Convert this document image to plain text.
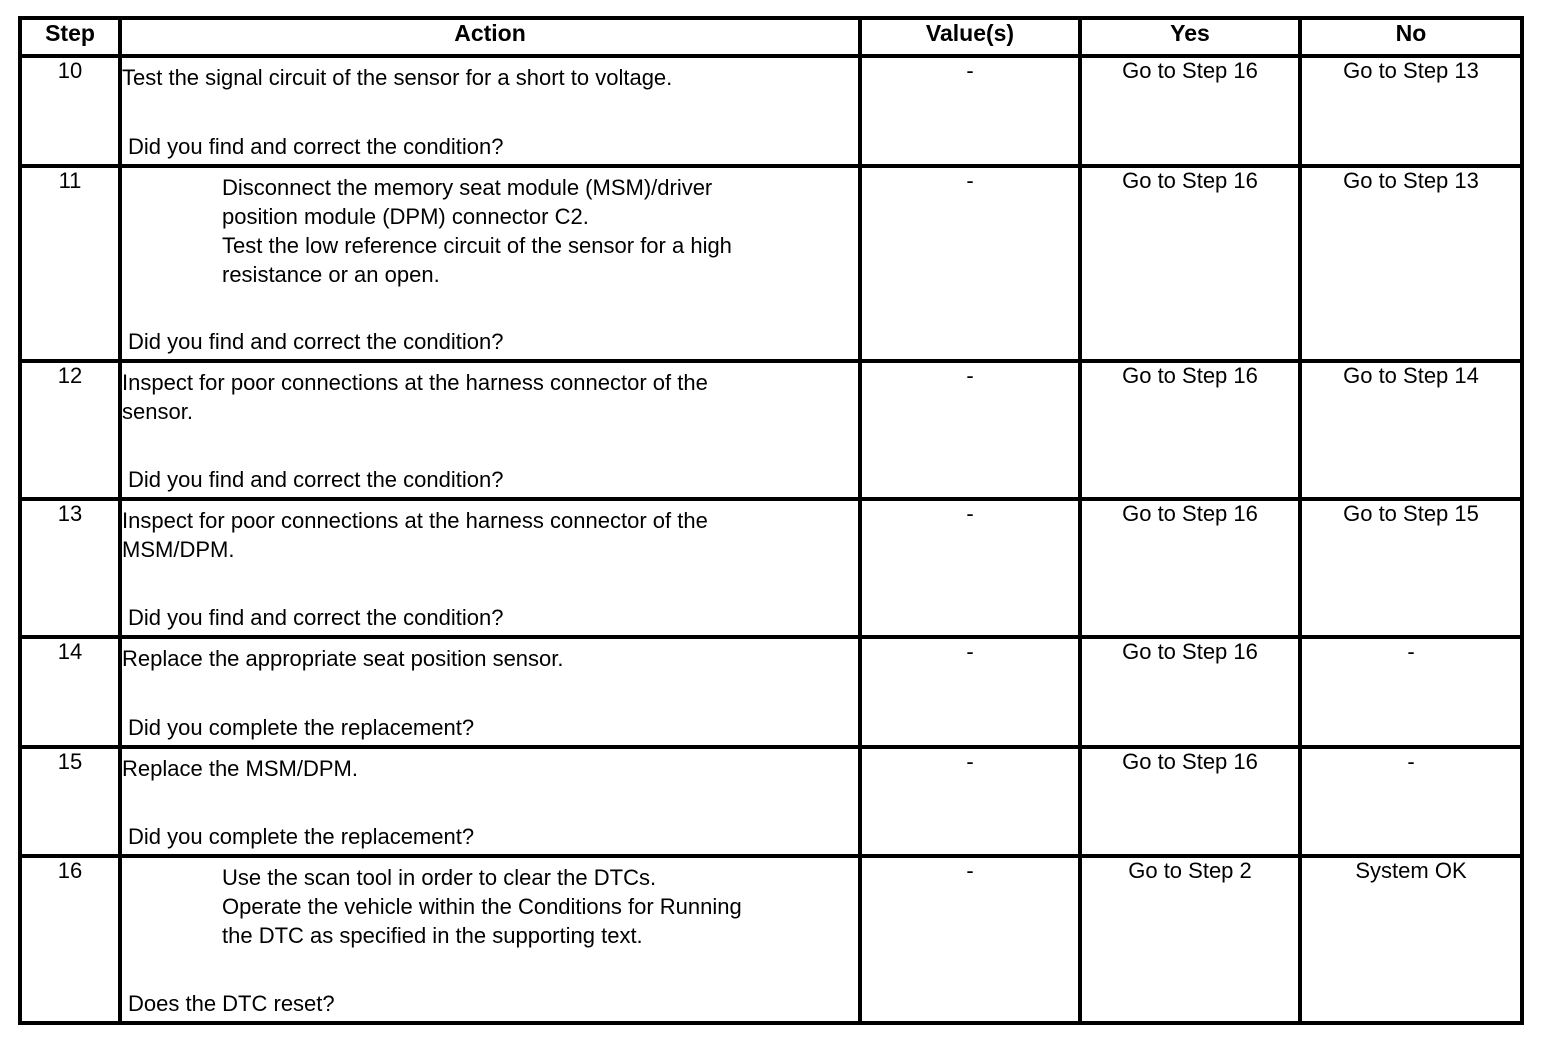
Step	Action	Value(s)	Yes	No
10	Test the signal circuit of the sensor for a short to voltage.
Did you find and correct the condition?	-	Go to Step 16	Go to Step 13
11	Disconnect the memory seat module (MSM)/driver
position module (DPM) connector C2.
Test the low reference circuit of the sensor for a high
resistance or an open.
Did you find and correct the condition?	-	Go to Step 16	Go to Step 13
12	Inspect for poor connections at the harness connector of the
sensor.
Did you find and correct the condition?	-	Go to Step 16	Go to Step 14
13	Inspect for poor connections at the harness connector of the
MSM/DPM.
Did you find and correct the condition?	-	Go to Step 16	Go to Step 15
14	Replace the appropriate seat position sensor.
Did you complete the replacement?	-	Go to Step 16	-
15	Replace the MSM/DPM.
Did you complete the replacement?	-	Go to Step 16	-
16	Use the scan tool in order to clear the DTCs.
Operate the vehicle within the Conditions for Running
the DTC as specified in the supporting text.
Does the DTC reset?	-	Go to Step 2	System OK
